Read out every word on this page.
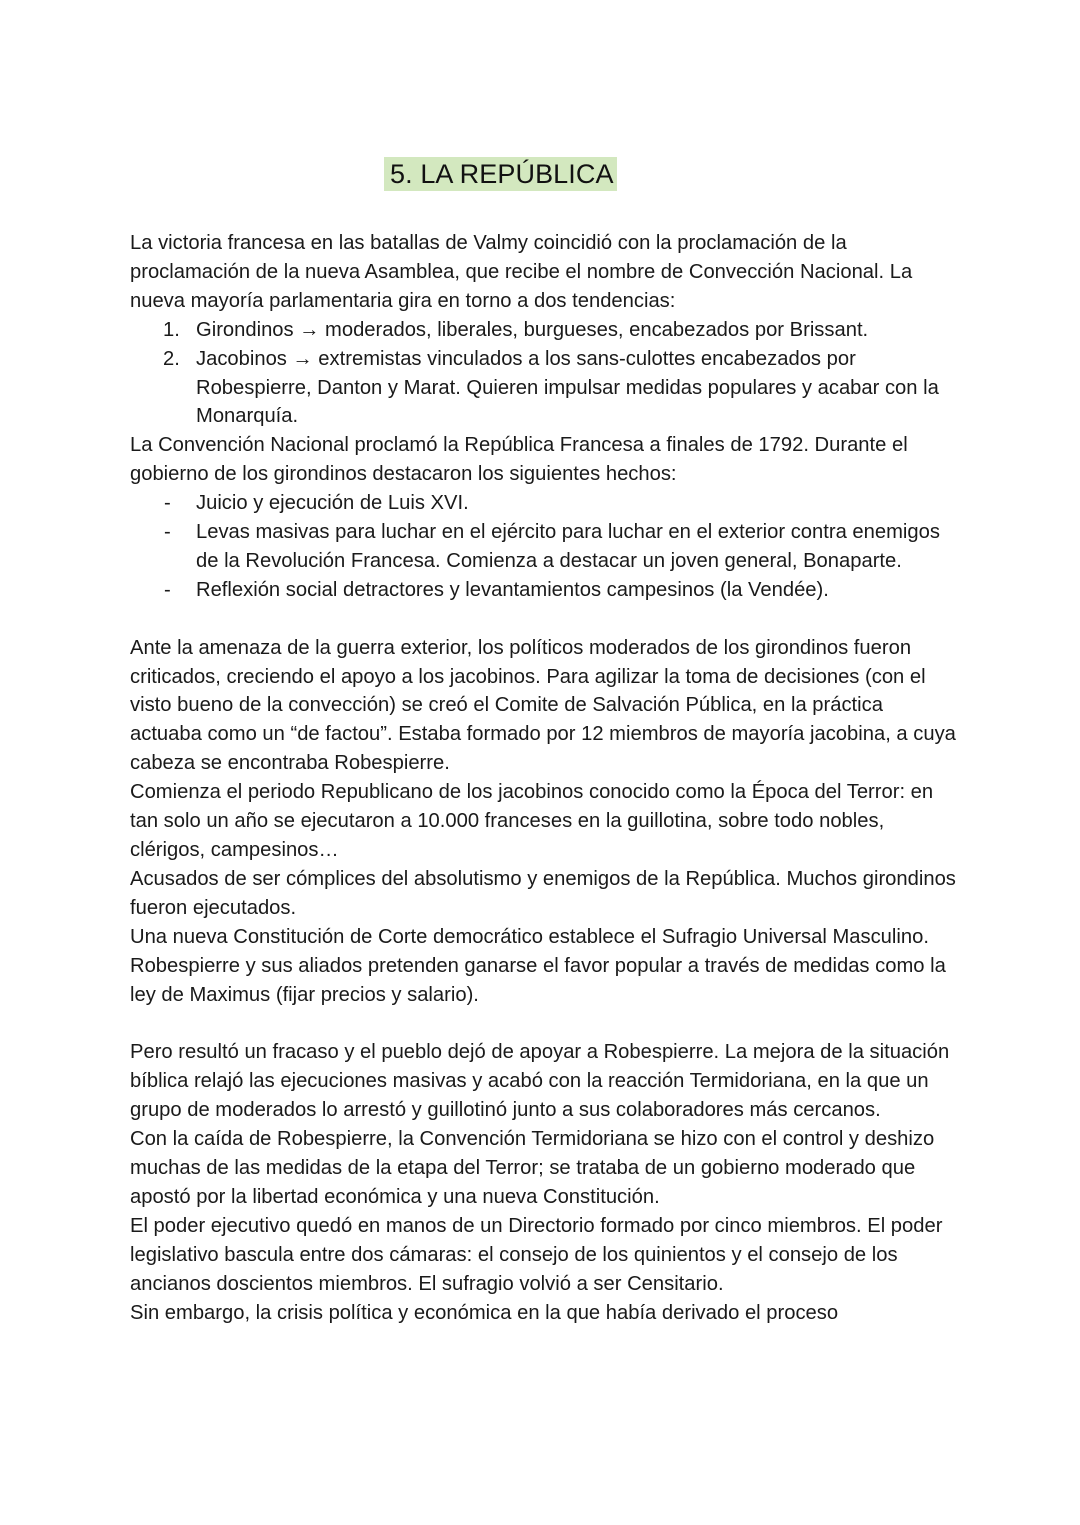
5. LA REPÚBLICA

La victoria francesa en las batallas de Valmy coincidió con la proclamación de la proclamación de la nueva Asamblea, que recibe el nombre de Convección Nacional. La nueva mayoría parlamentaria gira en torno a dos tendencias:

1. Girondinos → moderados, liberales, burgueses, encabezados por Brissant.
2. Jacobinos → extremistas vinculados a los sans-culottes encabezados por Robespierre, Danton y Marat. Quieren impulsar medidas populares y acabar con la Monarquía.

La Convención Nacional proclamó la República Francesa a finales de 1792. Durante el gobierno de los girondinos destacaron los siguientes hechos:

- Juicio y ejecución de Luis XVI.
- Levas masivas para luchar en el ejército para luchar en el exterior contra enemigos de la Revolución Francesa. Comienza a destacar un joven general, Bonaparte.
- Reflexión social detractores y levantamientos campesinos (la Vendée).

Ante la amenaza de la guerra exterior, los políticos moderados de los girondinos fueron criticados, creciendo el apoyo a los jacobinos. Para agilizar la toma de decisiones (con el visto bueno de la convección) se creó el Comite de Salvación Pública, en la práctica actuaba como un “de factou”. Estaba formado por 12 miembros de mayoría jacobina, a cuya cabeza se encontraba Robespierre.

Comienza el periodo Republicano de los jacobinos conocido como la Época del Terror: en tan solo un año se ejecutaron a 10.000 franceses en la guillotina, sobre todo nobles, clérigos, campesinos…

Acusados de ser cómplices del absolutismo y enemigos de la República. Muchos girondinos fueron ejecutados.

Una nueva Constitución de Corte democrático establece el Sufragio Universal Masculino. Robespierre y sus aliados pretenden ganarse el favor popular a través de medidas como la ley de Maximus (fijar precios y salario).

Pero resultó un fracaso y el pueblo dejó de apoyar a Robespierre. La mejora de la situación bíblica relajó las ejecuciones masivas y acabó con la reacción Termidoriana, en la que un grupo de moderados lo arrestó y guillotinó junto a sus colaboradores más cercanos.

Con la caída de Robespierre, la Convención Termidoriana se hizo con el control y deshizo muchas de las medidas de la etapa del Terror; se trataba de un gobierno moderado que apostó por la libertad económica y una nueva Constitución.

El poder ejecutivo quedó en manos de un Directorio formado por cinco miembros. El poder legislativo bascula entre dos cámaras: el consejo de los quinientos y el consejo de los ancianos doscientos miembros. El sufragio volvió a ser Censitario.

Sin embargo, la crisis política y económica en la que había derivado el proceso
